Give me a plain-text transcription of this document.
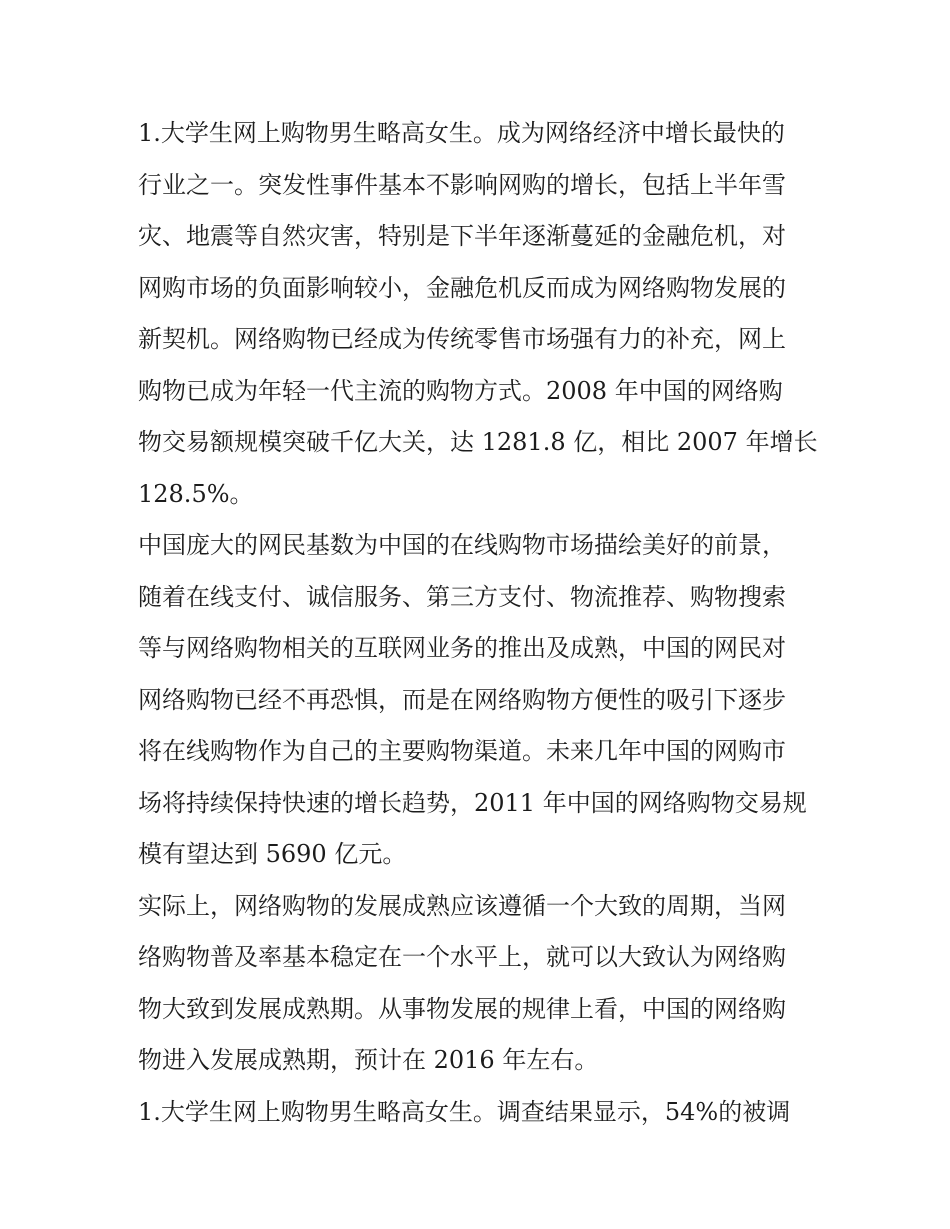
1.大学生网上购物男生略高女生。成为网络经济中增长最快的
行业之一。突发性事件基本不影响网购的增长，包括上半年雪
灾、地震等自然灾害，特别是下半年逐渐蔓延的金融危机，对
网购市场的负面影响较小，金融危机反而成为网络购物发展的
新契机。网络购物已经成为传统零售市场强有力的补充，网上
购物已成为年轻一代主流的购物方式。2008 年中国的网络购
物交易额规模突破千亿大关，达 1281.8 亿，相比 2007 年增长
128.5%。
中国庞大的网民基数为中国的在线购物市场描绘美好的前景，
随着在线支付、诚信服务、第三方支付、物流推荐、购物搜索
等与网络购物相关的互联网业务的推出及成熟，中国的网民对
网络购物已经不再恐惧，而是在网络购物方便性的吸引下逐步
将在线购物作为自己的主要购物渠道。未来几年中国的网购市
场将持续保持快速的增长趋势，2011 年中国的网络购物交易规
模有望达到 5690 亿元。
实际上，网络购物的发展成熟应该遵循一个大致的周期，当网
络购物普及率基本稳定在一个水平上，就可以大致认为网络购
物大致到发展成熟期。从事物发展的规律上看，中国的网络购
物进入发展成熟期，预计在 2016 年左右。
1.大学生网上购物男生略高女生。调查结果显示，54%的被调
